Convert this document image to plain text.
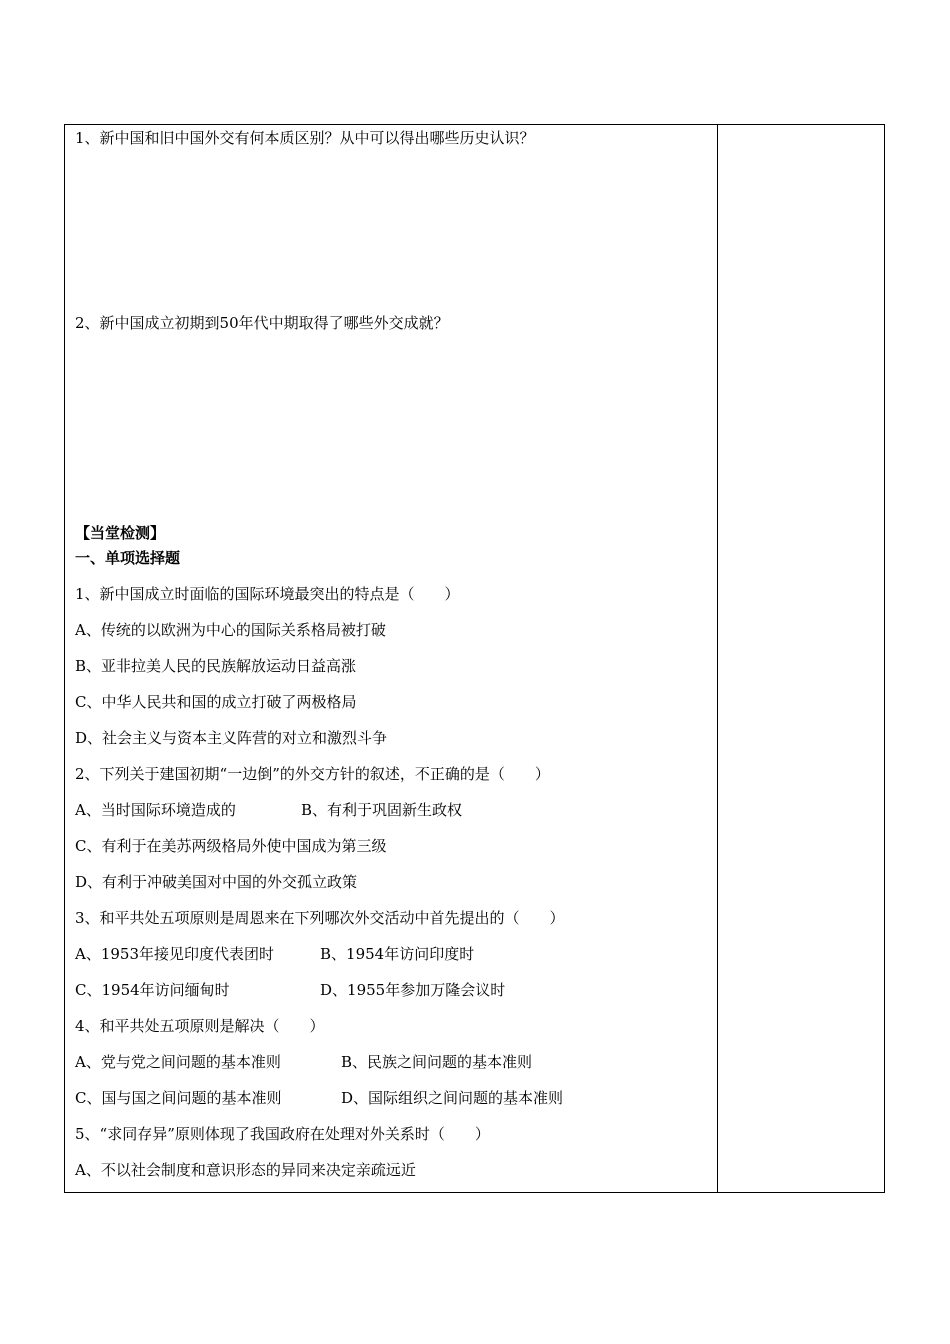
1、新中国和旧中国外交有何本质区别？从中可以得出哪些历史认识？
2、新中国成立初期到50年代中期取得了哪些外交成就？
【当堂检测】
一、单项选择题
1、新中国成立时面临的国际环境最突出的特点是（　　）
A、传统的以欧洲为中心的国际关系格局被打破
B、亚非拉美人民的民族解放运动日益高涨
C、中华人民共和国的成立打破了两极格局
D、社会主义与资本主义阵营的对立和激烈斗争
2、下列关于建国初期“一边倒”的外交方针的叙述，不正确的是（　　）
A、当时国际环境造成的	B、有利于巩固新生政权
C、有利于在美苏两级格局外使中国成为第三级
D、有利于冲破美国对中国的外交孤立政策
3、和平共处五项原则是周恩来在下列哪次外交活动中首先提出的（　　）
A、1953年接见印度代表团时	B、1954年访问印度时
C、1954年访问缅甸时	D、1955年参加万隆会议时
4、和平共处五项原则是解决（　　）
A、党与党之间问题的基本准则	B、民族之间问题的基本准则
C、国与国之间问题的基本准则	D、国际组织之间问题的基本准则
5、“求同存异”原则体现了我国政府在处理对外关系时（　　）
A、不以社会制度和意识形态的异同来决定亲疏远近
